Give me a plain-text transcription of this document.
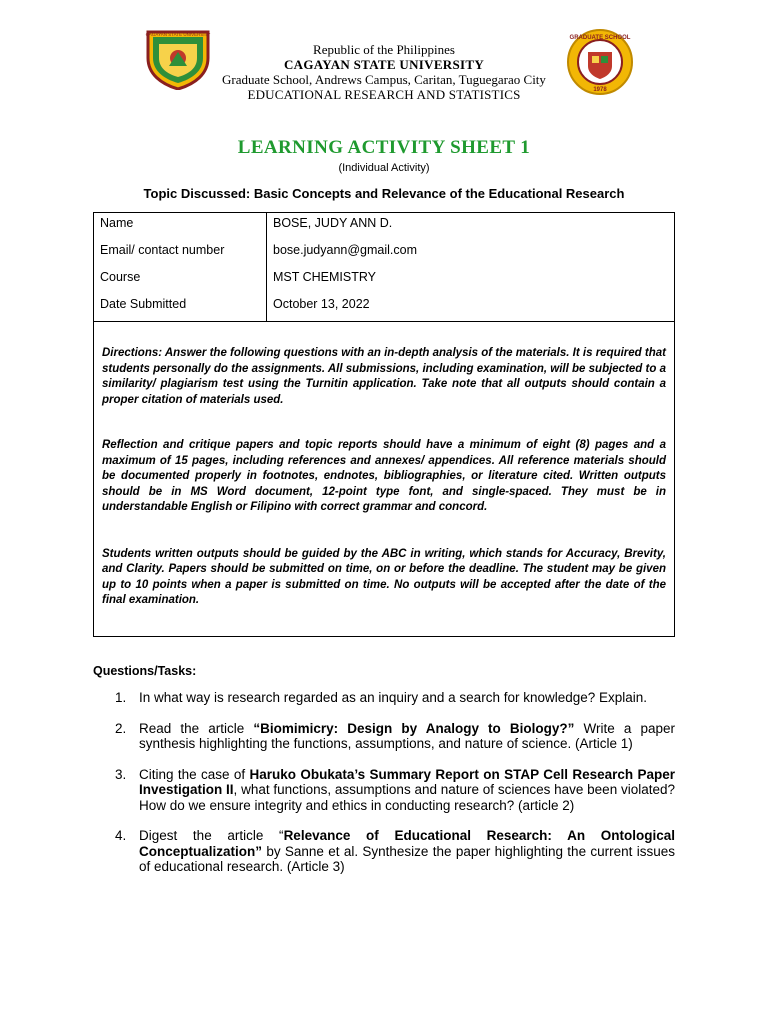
CAGAYAN STATE UNIVERSITY
GRADUATE SCHOOL
1978
Republic of the Philippines
CAGAYAN STATE UNIVERSITY
Graduate School, Andrews Campus, Caritan, Tuguegarao City
EDUCATIONAL RESEARCH AND STATISTICS
LEARNING ACTIVITY SHEET 1
(Individual Activity)
Topic Discussed: Basic Concepts and Relevance of the Educational Research
Name	BOSE, JUDY ANN D.
Email/ contact number	bose.judyann@gmail.com
Course	MST CHEMISTRY
Date Submitted	October 13, 2022

Directions: Answer the following questions with an in-depth analysis of the materials. It is required that students personally do the assignments. All submissions, including examination, will be subjected to a similarity/ plagiarism test using the Turnitin application. Take note that all outputs should contain a proper citation of materials used.

Reflection and critique papers and topic reports should have a minimum of eight (8) pages and a maximum of 15 pages, including references and annexes/ appendices. All reference materials should be documented properly in footnotes, endnotes, bibliographies, or literature cited. Written outputs should be in MS Word document, 12-point type font, and single-spaced. They must be in understandable English or Filipino with correct grammar and concord.

Students written outputs should be guided by the ABC in writing, which stands for Accuracy, Brevity, and Clarity. Papers should be submitted on time, on or before the deadline. The student may be given up to 10 points when a paper is submitted on time. No outputs will be accepted after the date of the final examination.

Questions/Tasks:
1. In what way is research regarded as an inquiry and a search for knowledge? Explain.
2. Read the article “Biomimicry: Design by Analogy to Biology?” Write a paper synthesis highlighting the functions, assumptions, and nature of science. (Article 1)
3. Citing the case of Haruko Obukata’s Summary Report on STAP Cell Research Paper Investigation II, what functions, assumptions and nature of sciences have been violated? How do we ensure integrity and ethics in conducting research? (article 2)
4. Digest the article “Relevance of Educational Research: An Ontological Conceptualization” by Sanne et al. Synthesize the paper highlighting the current issues of educational research. (Article 3)
